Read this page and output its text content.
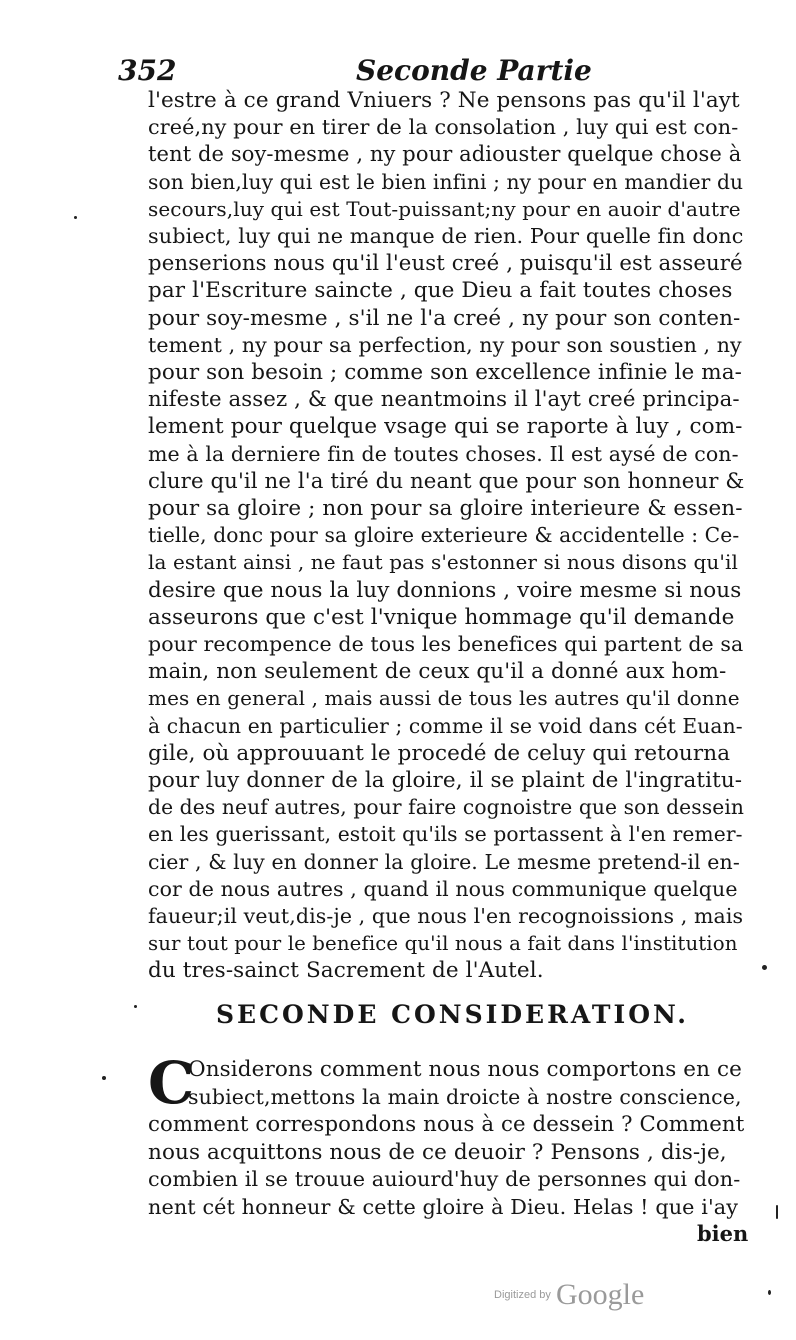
352	Seconde Partie
l'estre à ce grand Vniuers ? Ne pensons pas qu'il l'ayt
creé,ny pour en tirer de la consolation , luy qui est con-
tent de soy-mesme , ny pour adiouster quelque chose à
son bien,luy qui est le bien infini ; ny pour en mandier du
secours,luy qui est Tout-puissant;ny pour en auoir d'autre
subiect, luy qui ne manque de rien. Pour quelle fin donc
penserions nous qu'il l'eust creé , puisqu'il est asseuré
par l'Escriture saincte , que Dieu a fait toutes choses
pour soy-mesme , s'il ne l'a creé , ny pour son conten-
tement , ny pour sa perfection, ny pour son soustien , ny
pour son besoin ; comme son excellence infinie le ma-
nifeste assez , & que neantmoins il l'ayt creé principa-
lement pour quelque vsage qui se raporte à luy , com-
me à la derniere fin de toutes choses. Il est aysé de con-
clure qu'il ne l'a tiré du neant que pour son honneur &
pour sa gloire ; non pour sa gloire interieure & essen-
tielle, donc pour sa gloire exterieure & accidentelle : Ce-
la estant ainsi , ne faut pas s'estonner si nous disons qu'il
desire que nous la luy donnions , voire mesme si nous
asseurons que c'est l'vnique hommage qu'il demande
pour recompence de tous les benefices qui partent de sa
main, non seulement de ceux qu'il a donné aux hom-
mes en general , mais aussi de tous les autres qu'il donne
à chacun en particulier ; comme il se void dans cét Euan-
gile, où approuuant le procedé de celuy qui retourna
pour luy donner de la gloire, il se plaint de l'ingratitu-
de des neuf autres, pour faire cognoistre que son dessein
en les guerissant, estoit qu'ils se portassent à l'en remer-
cier , & luy en donner la gloire. Le mesme pretend-il en-
cor de nous autres , quand il nous communique quelque
faueur;il veut,dis-je , que nous l'en recognoissions , mais
sur tout pour le benefice qu'il nous a fait dans l'institution
du tres-sainct Sacrement de l'Autel.
SECONDE CONSIDERATION.
C
Onsiderons comment nous nous comportons en ce
subiect,mettons la main droicte à nostre conscience,
comment correspondons nous à ce dessein ? Comment
nous acquittons nous de ce deuoir ? Pensons , dis-je,
combien il se trouue auiourd'huy de personnes qui don-
nent cét honneur & cette gloire à Dieu. Helas ! que i'ay
bien
Digitized by Google
